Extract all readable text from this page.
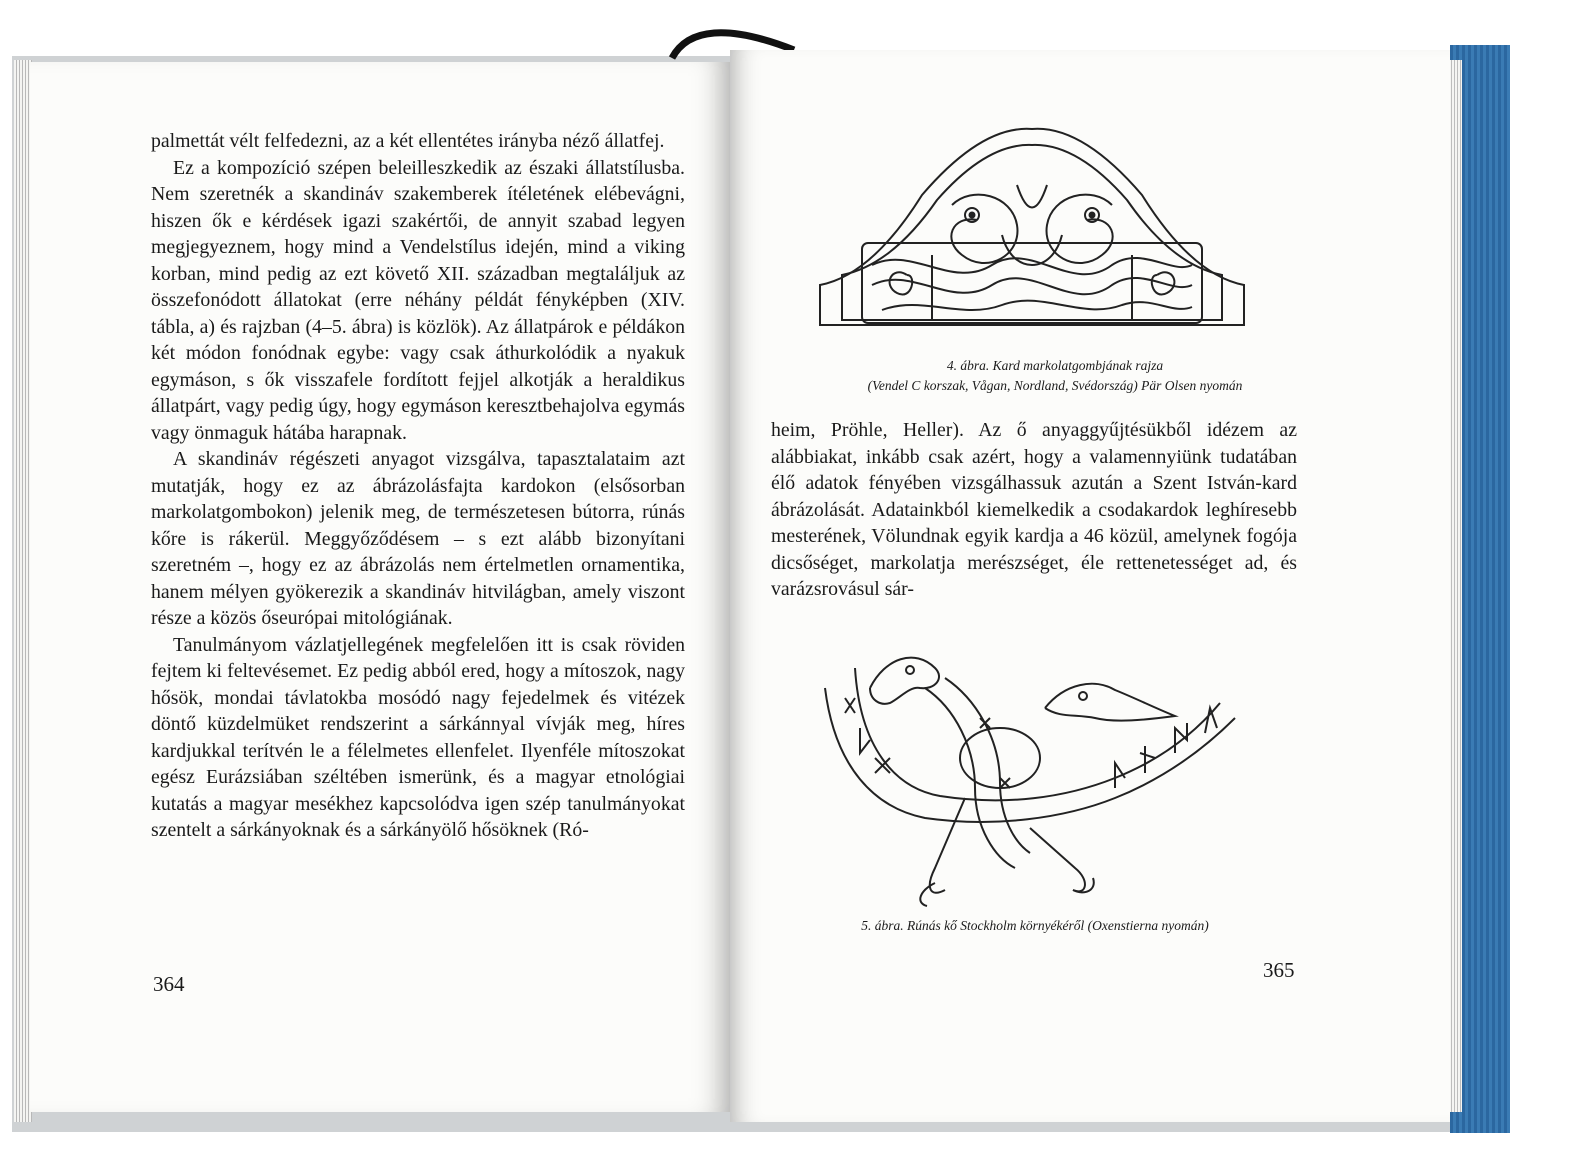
palmettát vélt felfedezni, az a két ellentétes irányba néző állatfej.

Ez a kompozíció szépen beleilleszkedik az északi állatstílusba. Nem szeretnék a skandináv szakemberek ítéletének elébevágni, hiszen ők e kérdések igazi szakértői, de annyit szabad legyen megjegyeznem, hogy mind a Vendelstílus idején, mind a viking korban, mind pedig az ezt követő XII. században megtaláljuk az összefonódott állatokat (erre néhány példát fényképben (XIV. tábla, a) és rajzban (4–5. ábra) is közlök). Az állatpárok e példákon két módon fonódnak egybe: vagy csak áthurkolódik a nyakuk egymáson, s ők visszafele fordított fejjel alkotják a heraldikus állatpárt, vagy pedig úgy, hogy egymáson keresztbehajolva egymás vagy önmaguk hátába harapnak.

A skandináv régészeti anyagot vizsgálva, tapasztalataim azt mutatják, hogy ez az ábrázolásfajta kardokon (elsősorban markolatgombokon) jelenik meg, de természetesen bútorra, rúnás kőre is rákerül. Meggyőződésem – s ezt alább bizonyítani szeretném –, hogy ez az ábrázolás nem értelmetlen ornamentika, hanem mélyen gyökerezik a skandináv hitvilágban, amely viszont része a közös őseurópai mitológiának.

Tanulmányom vázlatjellegének megfelelően itt is csak röviden fejtem ki feltevésemet. Ez pedig abból ered, hogy a mítoszok, nagy hősök, mondai távlatokba mosódó nagy fejedelmek és vitézek döntő küzdelmüket rendszerint a sárkánnyal vívják meg, híres kardjukkal terítvén le a félelmetes ellenfelet. Ilyenféle mítoszokat egész Eurázsiában széltében ismerünk, és a magyar etnológiai kutatás a magyar mesékhez kapcsolódva igen szép tanulmányokat szentelt a sárkányoknak és a sárkányölő hősöknek (Ró-

364
4. ábra. Kard markolatgombjának rajza
(Vendel C korszak, Vågan, Nordland, Svédország) Pär Olsen nyomán

heim, Pröhle, Heller). Az ő anyaggyűjtésükből idézem az alábbiakat, inkább csak azért, hogy a valamennyiünk tudatában élő adatok fényében vizsgálhassuk azután a Szent István-kard ábrázolását. Adatainkból kiemelkedik a csodakardok leghíresebb mesterének, Völundnak egyik kardja a 46 közül, amelynek fogója dicsőséget, markolatja merészséget, éle rettenetességet ad, és varázsrovásul sár-

5. ábra. Rúnás kő Stockholm környékéről (Oxenstierna nyomán)
365
